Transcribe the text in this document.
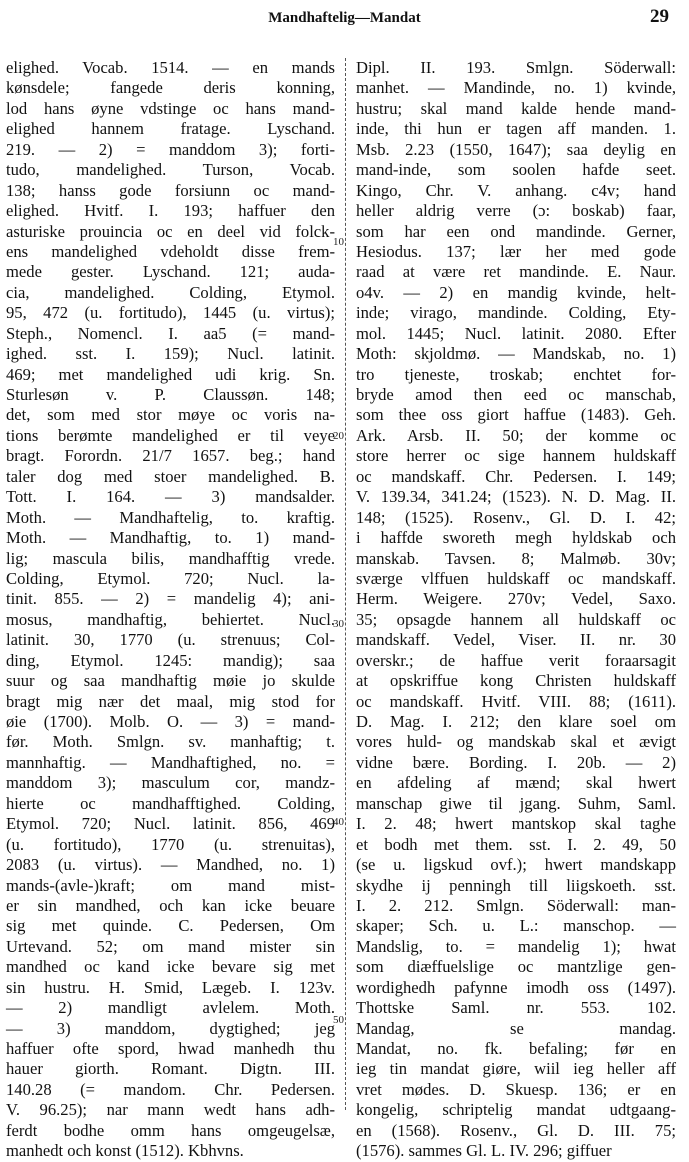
Mandhaftelig—Mandat	29
10
20
30
40
50
elighed. Vocab. 1514. — en mands
kønsdele; fangede deris konning,
lod hans øyne vdstinge oc hans mand-
elighed hannem fratage. Lyschand.
219. — 2) = manddom 3); forti-
tudo, mandelighed. Turson, Vocab.
138; hanss gode forsiunn oc mand-
elighed. Hvitf. I. 193; haffuer den
asturiske prouincia oc en deel vid folck-
ens mandelighed vdeholdt disse frem-
mede gester. Lyschand. 121; auda-
cia, mandelighed. Colding, Etymol.
95, 472 (u. fortitudo), 1445 (u. virtus);
Steph., Nomencl. I. aa5 (= mand-
ighed. sst. I. 159); Nucl. latinit.
469; met mandelighed udi krig. Sn.
Sturlesøn v. P. Claussøn. 148;
det, som med stor møye oc voris na-
tions berømte mandelighed er til veye
bragt. Forordn. 21/7 1657. beg.; hand
taler dog med stoer mandelighed. B.
Tott. I. 164. — 3) mandsalder.
Moth. — Mandhaftelig, to. kraftig.
Moth. — Mandhaftig, to. 1) mand-
lig; mascula bilis, mandhafftig vrede.
Colding, Etymol. 720; Nucl. la-
tinit. 855. — 2) = mandelig 4); ani-
mosus, mandhaftig, behiertet. Nucl.
latinit. 30, 1770 (u. strenuus; Col-
ding, Etymol. 1245: mandig); saa
suur og saa mandhaftig møie jo skulde
bragt mig nær det maal, mig stod for
øie (1700). Molb. O. — 3) = mand-
før. Moth. Smlgn. sv. manhaftig; t.
mannhaftig. — Mandhaftighed, no. =
manddom 3); masculum cor, mandz-
hierte oc mandhafftighed. Colding,
Etymol. 720; Nucl. latinit. 856, 469
(u. fortitudo), 1770 (u. strenuitas),
2083 (u. virtus). — Mandhed, no. 1)
mands-(avle-)kraft; om mand mist-
er sin mandhed, och kan icke beuare
sig met quinde. C. Pedersen, Om
Urtevand. 52; om mand mister sin
mandhed oc kand icke bevare sig met
sin hustru. H. Smid, Lægeb. I. 123v.
— 2) mandligt avlelem. Moth.
— 3) manddom, dygtighed; jeg
haffuer ofte spord, hwad manhedh thu
hauer giorth. Romant. Digtn. III.
140.28 (= mandom. Chr. Pedersen.
V. 96.25); nar mann wedt hans adh-
ferdt bodhe omm hans omgeugelsæ,
manhedt och konst (1512). Kbhvns.
Dipl. II. 193. Smlgn. Söderwall:
manhet. — Mandinde, no. 1) kvinde,
hustru; skal mand kalde hende mand-
inde, thi hun er tagen aff manden. 1.
Msb. 2.23 (1550, 1647); saa deylig en
mand-inde, som soolen hafde seet.
Kingo, Chr. V. anhang. c4v; hand
heller aldrig verre (ɔ: boskab) faar,
som har een ond mandinde. Gerner,
Hesiodus. 137; lær her med gode
raad at være ret mandinde. E. Naur.
o4v. — 2) en mandig kvinde, helt-
inde; virago, mandinde. Colding, Ety-
mol. 1445; Nucl. latinit. 2080. Efter
Moth: skjoldmø. — Mandskab, no. 1)
tro tjeneste, troskab; enchtet for-
bryde amod then eed oc manschab,
som thee oss giort haffue (1483). Geh.
Ark. Arsb. II. 50; der komme oc
store herrer oc sige hannem huldskaff
oc mandskaff. Chr. Pedersen. I. 149;
V. 139.34, 341.24; (1523). N. D. Mag. II.
148; (1525). Rosenv., Gl. D. I. 42;
i haffde sworeth megh hyldskab och
manskab. Tavsen. 8; Malmøb. 30v;
sværge vlffuen huldskaff oc mandskaff.
Herm. Weigere. 270v; Vedel, Saxo.
35; opsagde hannem all huldskaff oc
mandskaff. Vedel, Viser. II. nr. 30
overskr.; de haffue verit foraarsagit
at opskriffue kong Christen huldskaff
oc mandskaff. Hvitf. VIII. 88; (1611).
D. Mag. I. 212; den klare soel om
vores huld- og mandskab skal et ævigt
vidne bære. Bording. I. 20b. — 2)
en afdeling af mænd; skal hwert
manschap giwe til jgang. Suhm, Saml.
I. 2. 48; hwert mantskop skal taghe
et bodh met them. sst. I. 2. 49, 50
(se u. ligskud ovf.); hwert mandskapp
skydhe ij penningh till liigskoeth. sst.
I. 2. 212. Smlgn. Söderwall: man-
skaper; Sch. u. L.: manschop. —
Mandslig, to. = mandelig 1); hwat
som diæffuelslige oc mantzlige gen-
wordighedh pafynne imodh oss (1497).
Thottske Saml. nr. 553. 102.
Mandag, se mandag.
Mandat, no. fk. befaling; før en
ieg tin mandat giøre, wiil ieg heller aff
vret mødes. D. Skuesp. 136; er en
kongelig, schriptelig mandat udtgaang-
en (1568). Rosenv., Gl. D. III. 75;
(1576). sammes Gl. L. IV. 296; giffuer
